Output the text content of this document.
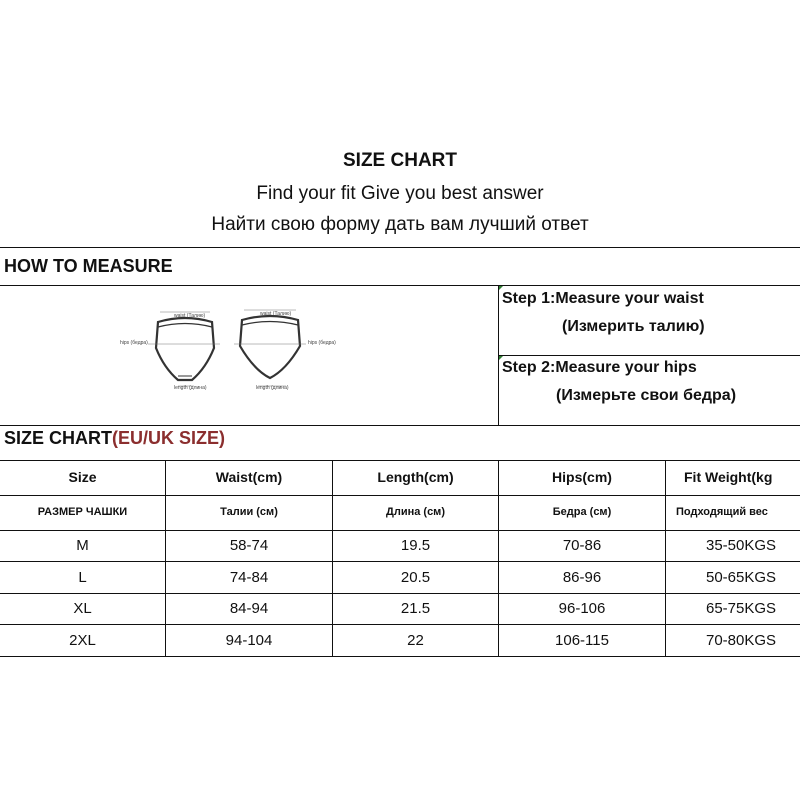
SIZE CHART
Find your fit Give you best answer
Найти свою форму дать вам лучший ответ
HOW TO MEASURE
waist (Талию)	waist (Талию)
hips (бедра)	hips (бедра)
length (длина)	length (длина)
Step 1:Measure your waist
(Измерить талию)
Step 2:Measure your hips
(Измерьте свои бедра)
SIZE CHART(EU/UK SIZE)
Size	Waist(cm)	Length(cm)	Hips(cm)	Fit Weight(kg
РАЗМЕР ЧАШКИ	Талии (см)	Длина (см)	Бедра (см)	Подходящий вес
M	58-74	19.5	70-86	35-50KGS
L	74-84	20.5	86-96	50-65KGS
XL	84-94	21.5	96-106	65-75KGS
2XL	94-104	22	106-115	70-80KGS
